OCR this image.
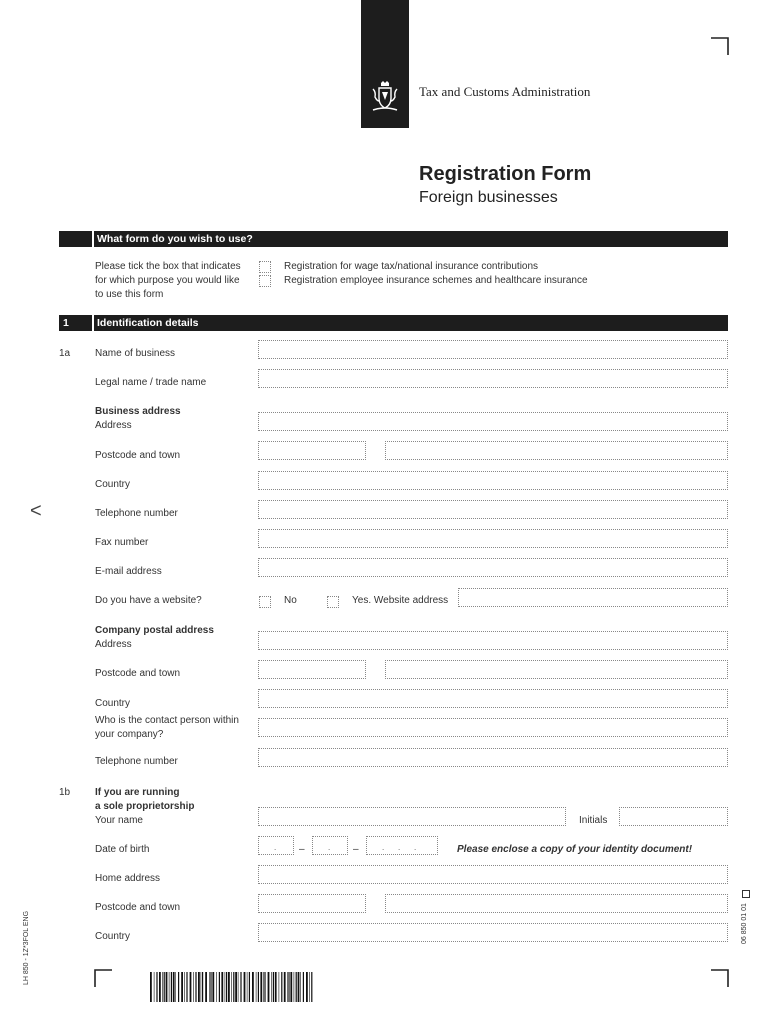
Tax and Customs Administration
Registration Form
Foreign businesses
What form do you wish to use?
Please tick the box that indicates
for which purpose you would like
to use this form
Registration for wage tax/national insurance contributions
Registration employee insurance schemes and healthcare insurance
1	Identification details
1a Name of business
Legal name / trade name
Business address
Address
Postcode and town
Country
<	Telephone number
Fax number
E-mail address
Do you have a website?	No	Yes. Website address
Company postal address
Address
Postcode and town
Country
Who is the contact person within
your company?
Telephone number
1b If you are running
a sole proprietorship
Your name	Initials
Date of birth	. –	. –	. . .	Please enclose a copy of your identity document!
Home address
Postcode and town
Country
LH 850 - 1Z*3FOL ENG	06 850 01 01
